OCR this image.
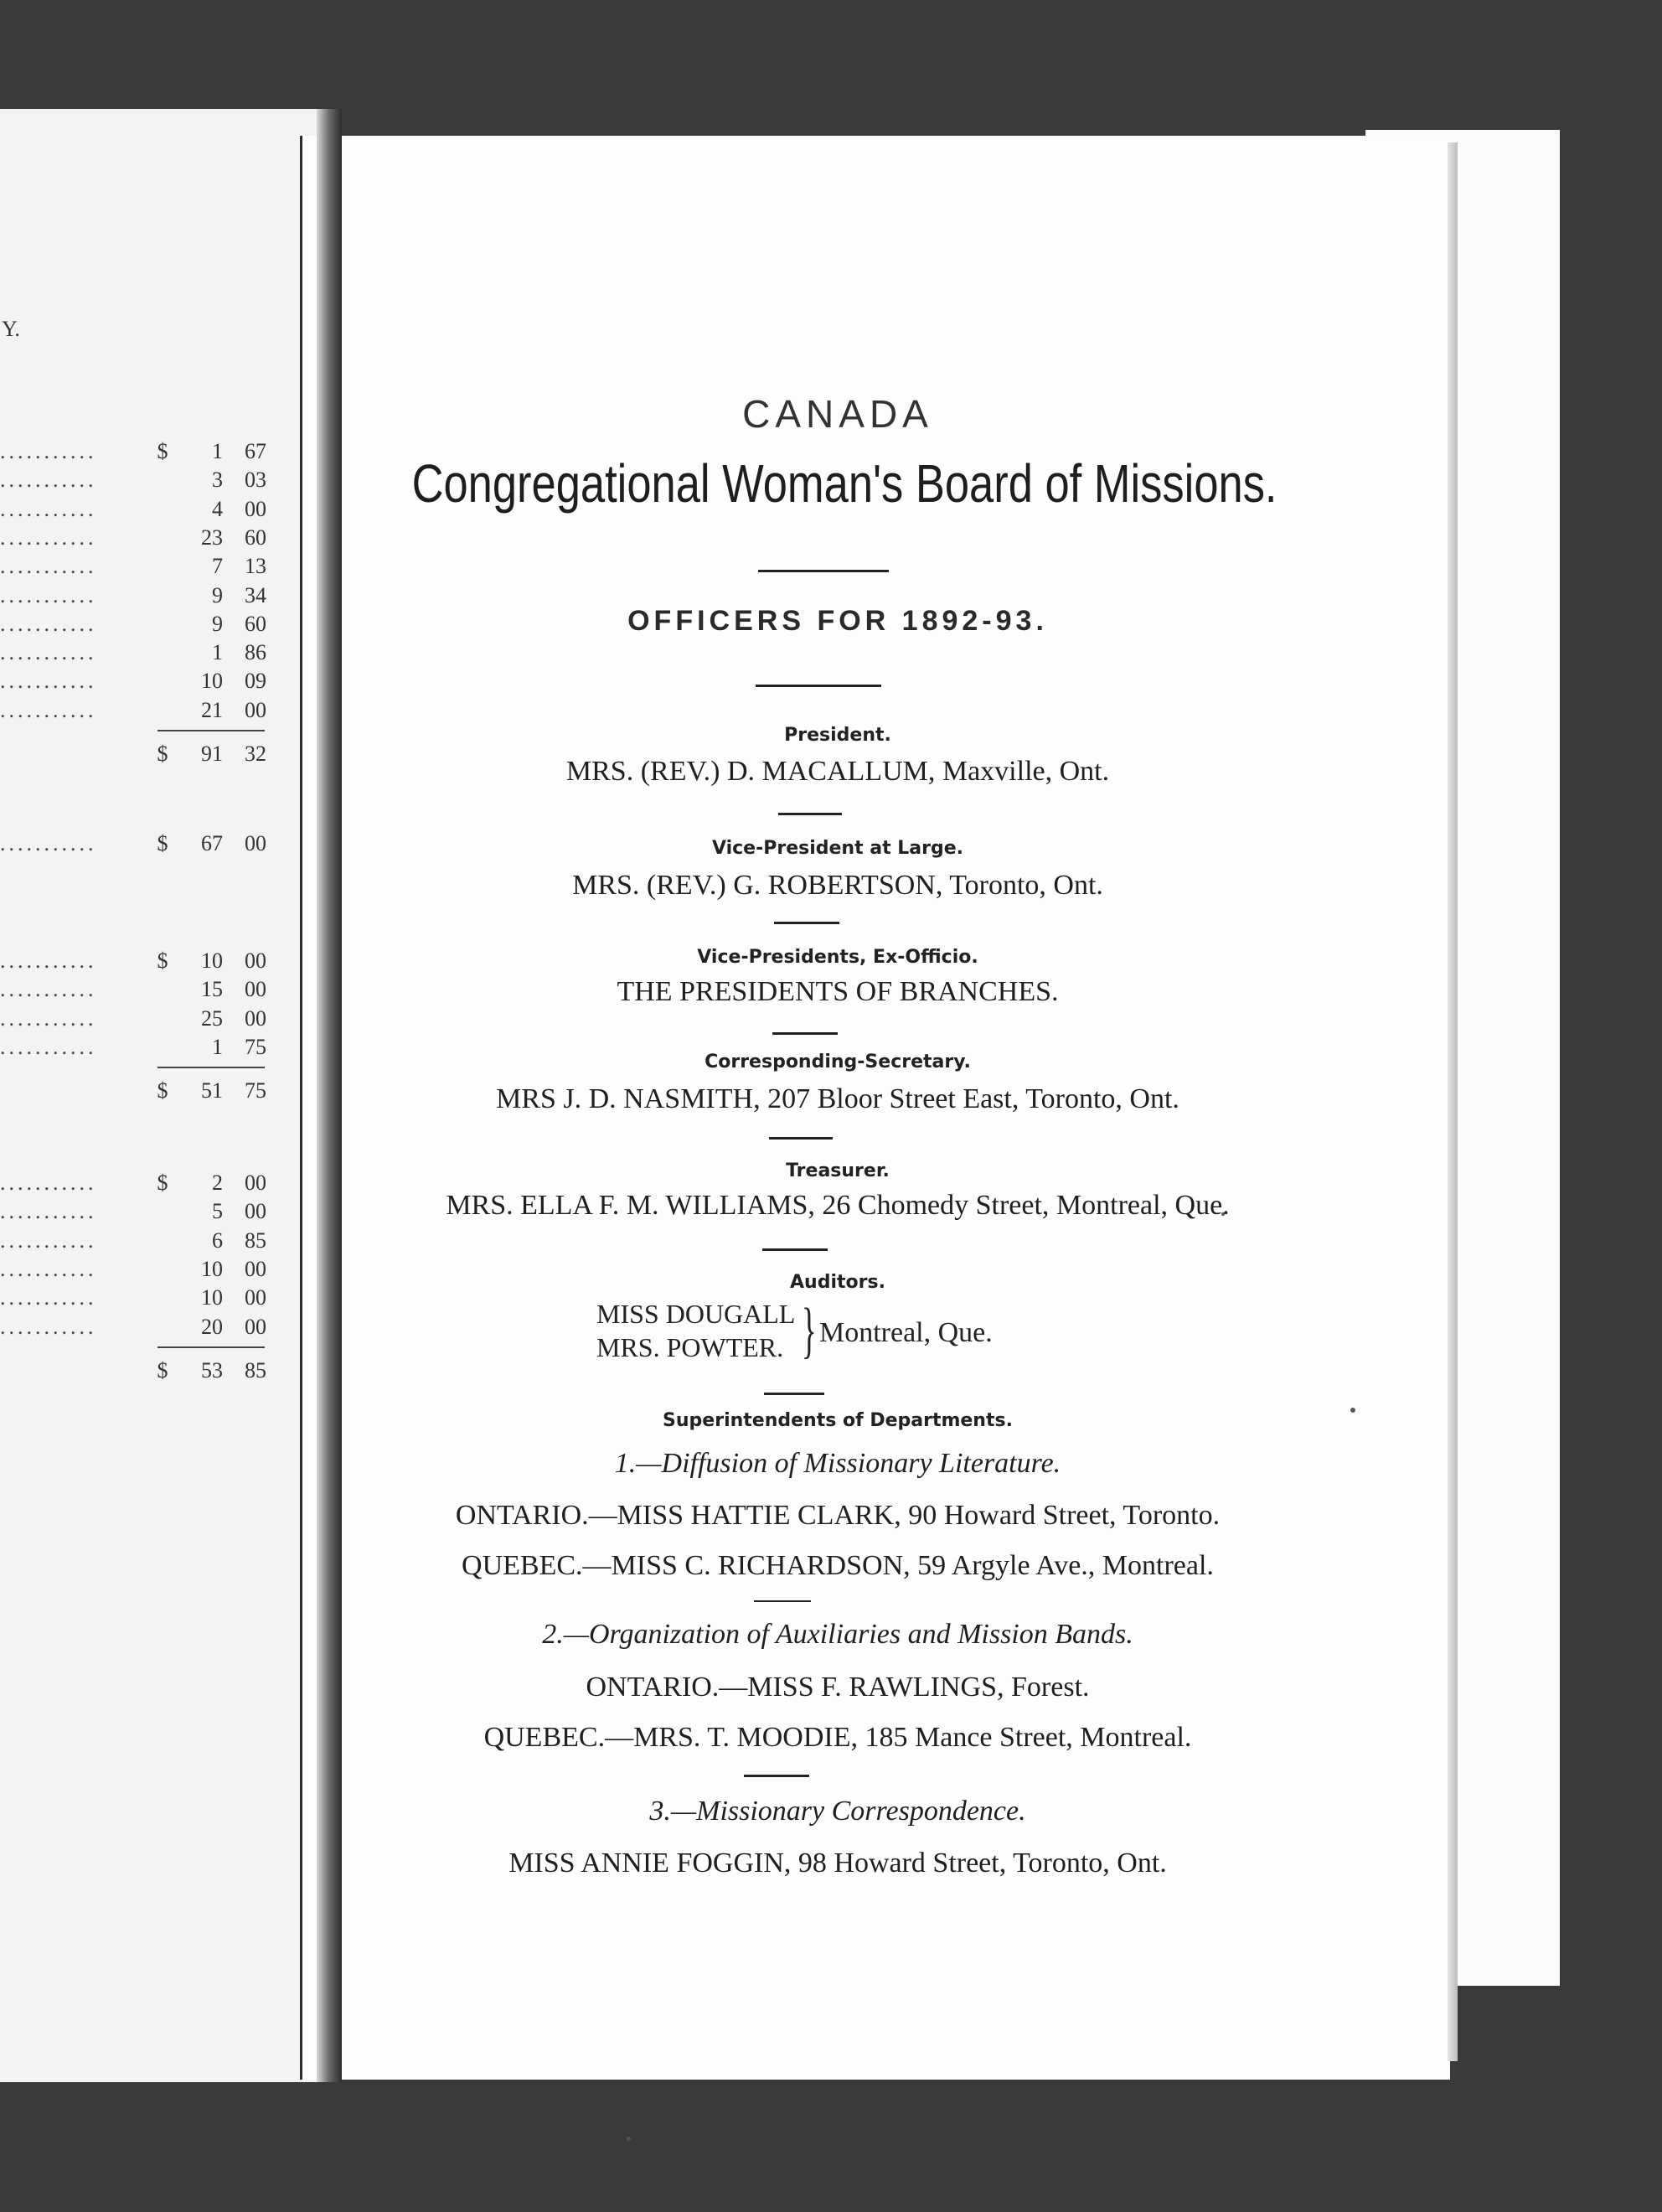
Y.
...........	$	1	67
...........	3	03
...........	4	00
...........	23	60
...........	7	13
...........	9	34
...........	9	60
...........	1	86
...........	10	09
...........	21	00
$	91	32
...........	$	67	00
...........	$	10	00
...........	15	00
...........	25	00
...........	1	75
$	51	75
...........	$	2	00
...........	5	00
...........	6	85
...........	10	00
...........	10	00
...........	20	00
$	53	85
CANADA
Congregational Woman's Board of Missions.
OFFICERS FOR 1892-93.
President.
MRS. (REV.) D. MACALLUM, Maxville, Ont.
Vice-President at Large.
MRS. (REV.) G. ROBERTSON, Toronto, Ont.
Vice-Presidents, Ex-Officio.
THE PRESIDENTS OF BRANCHES.
Corresponding-Secretary.
MRS J. D. NASMITH, 207 Bloor Street East, Toronto, Ont.
Treasurer.
MRS. ELLA F. M. WILLIAMS, 26 Chomedy Street, Montreal, Que.
Auditors.
MISS DOUGALL
MRS. POWTER. } Montreal, Que.
Superintendents of Departments.
1.—Diffusion of Missionary Literature.
ONTARIO.—MISS HATTIE CLARK, 90 Howard Street, Toronto.
QUEBEC.—MISS C. RICHARDSON, 59 Argyle Ave., Montreal.
2.—Organization of Auxiliaries and Mission Bands.
ONTARIO.—MISS F. RAWLINGS, Forest.
QUEBEC.—MRS. T. MOODIE, 185 Mance Street, Montreal.
3.—Missionary Correspondence.
MISS ANNIE FOGGIN, 98 Howard Street, Toronto, Ont.
